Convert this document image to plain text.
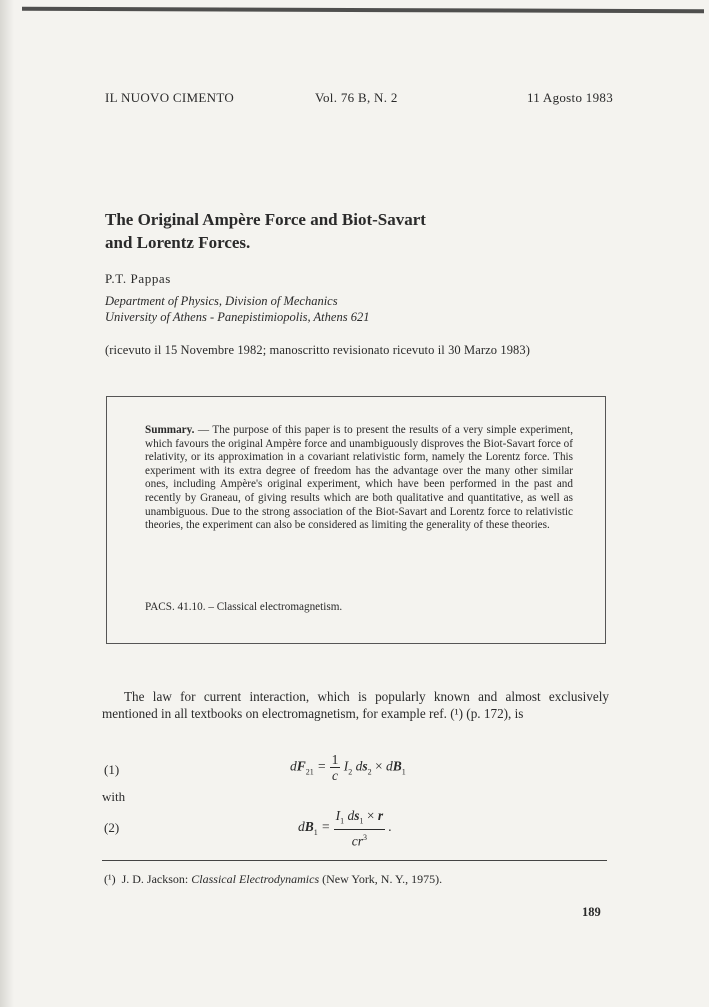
IL NUOVO CIMENTO	Vol. 76 B, N. 2	11 Agosto 1983
The Original Ampère Force and Biot-Savart
and Lorentz Forces.
P.T. Pappas
Department of Physics, Division of Mechanics
University of Athens - Panepistimiopolis, Athens 621
(ricevuto il 15 Novembre 1982; manoscritto revisionato ricevuto il 30 Marzo 1983)

Summary. — The purpose of this paper is to present the results of a very simple experiment, which favours the original Ampère force and unambiguously disproves the Biot-Savart force of relativity, or its approximation in a covariant relativistic form, namely the Lorentz force. This experiment with its extra degree of freedom has the advantage over the many other similar ones, including Ampère's original experiment, which have been performed in the past and recently by Graneau, of giving results which are both qualitative and quantitative, as well as unambiguous. Due to the strong association of the Biot-Savart and Lorentz force to relativistic theories, the experiment can also be considered as limiting the generality of these theories.

PACS. 41.10. – Classical electromagnetism.

The law for current interaction, which is popularly known and almost exclusively mentioned in all textbooks on electromagnetism, for example ref. (¹) (p. 172), is

(1)	$dF_{21} = \frac{1}{c} I_2$ $ds_2 \times dB_1$
with
(2)	$dB_1 = \frac{I_1 ds_1 \times r}{cr^3}$ .
(¹) J. D. Jackson: Classical Electrodynamics (New York, N. Y., 1975).
189
